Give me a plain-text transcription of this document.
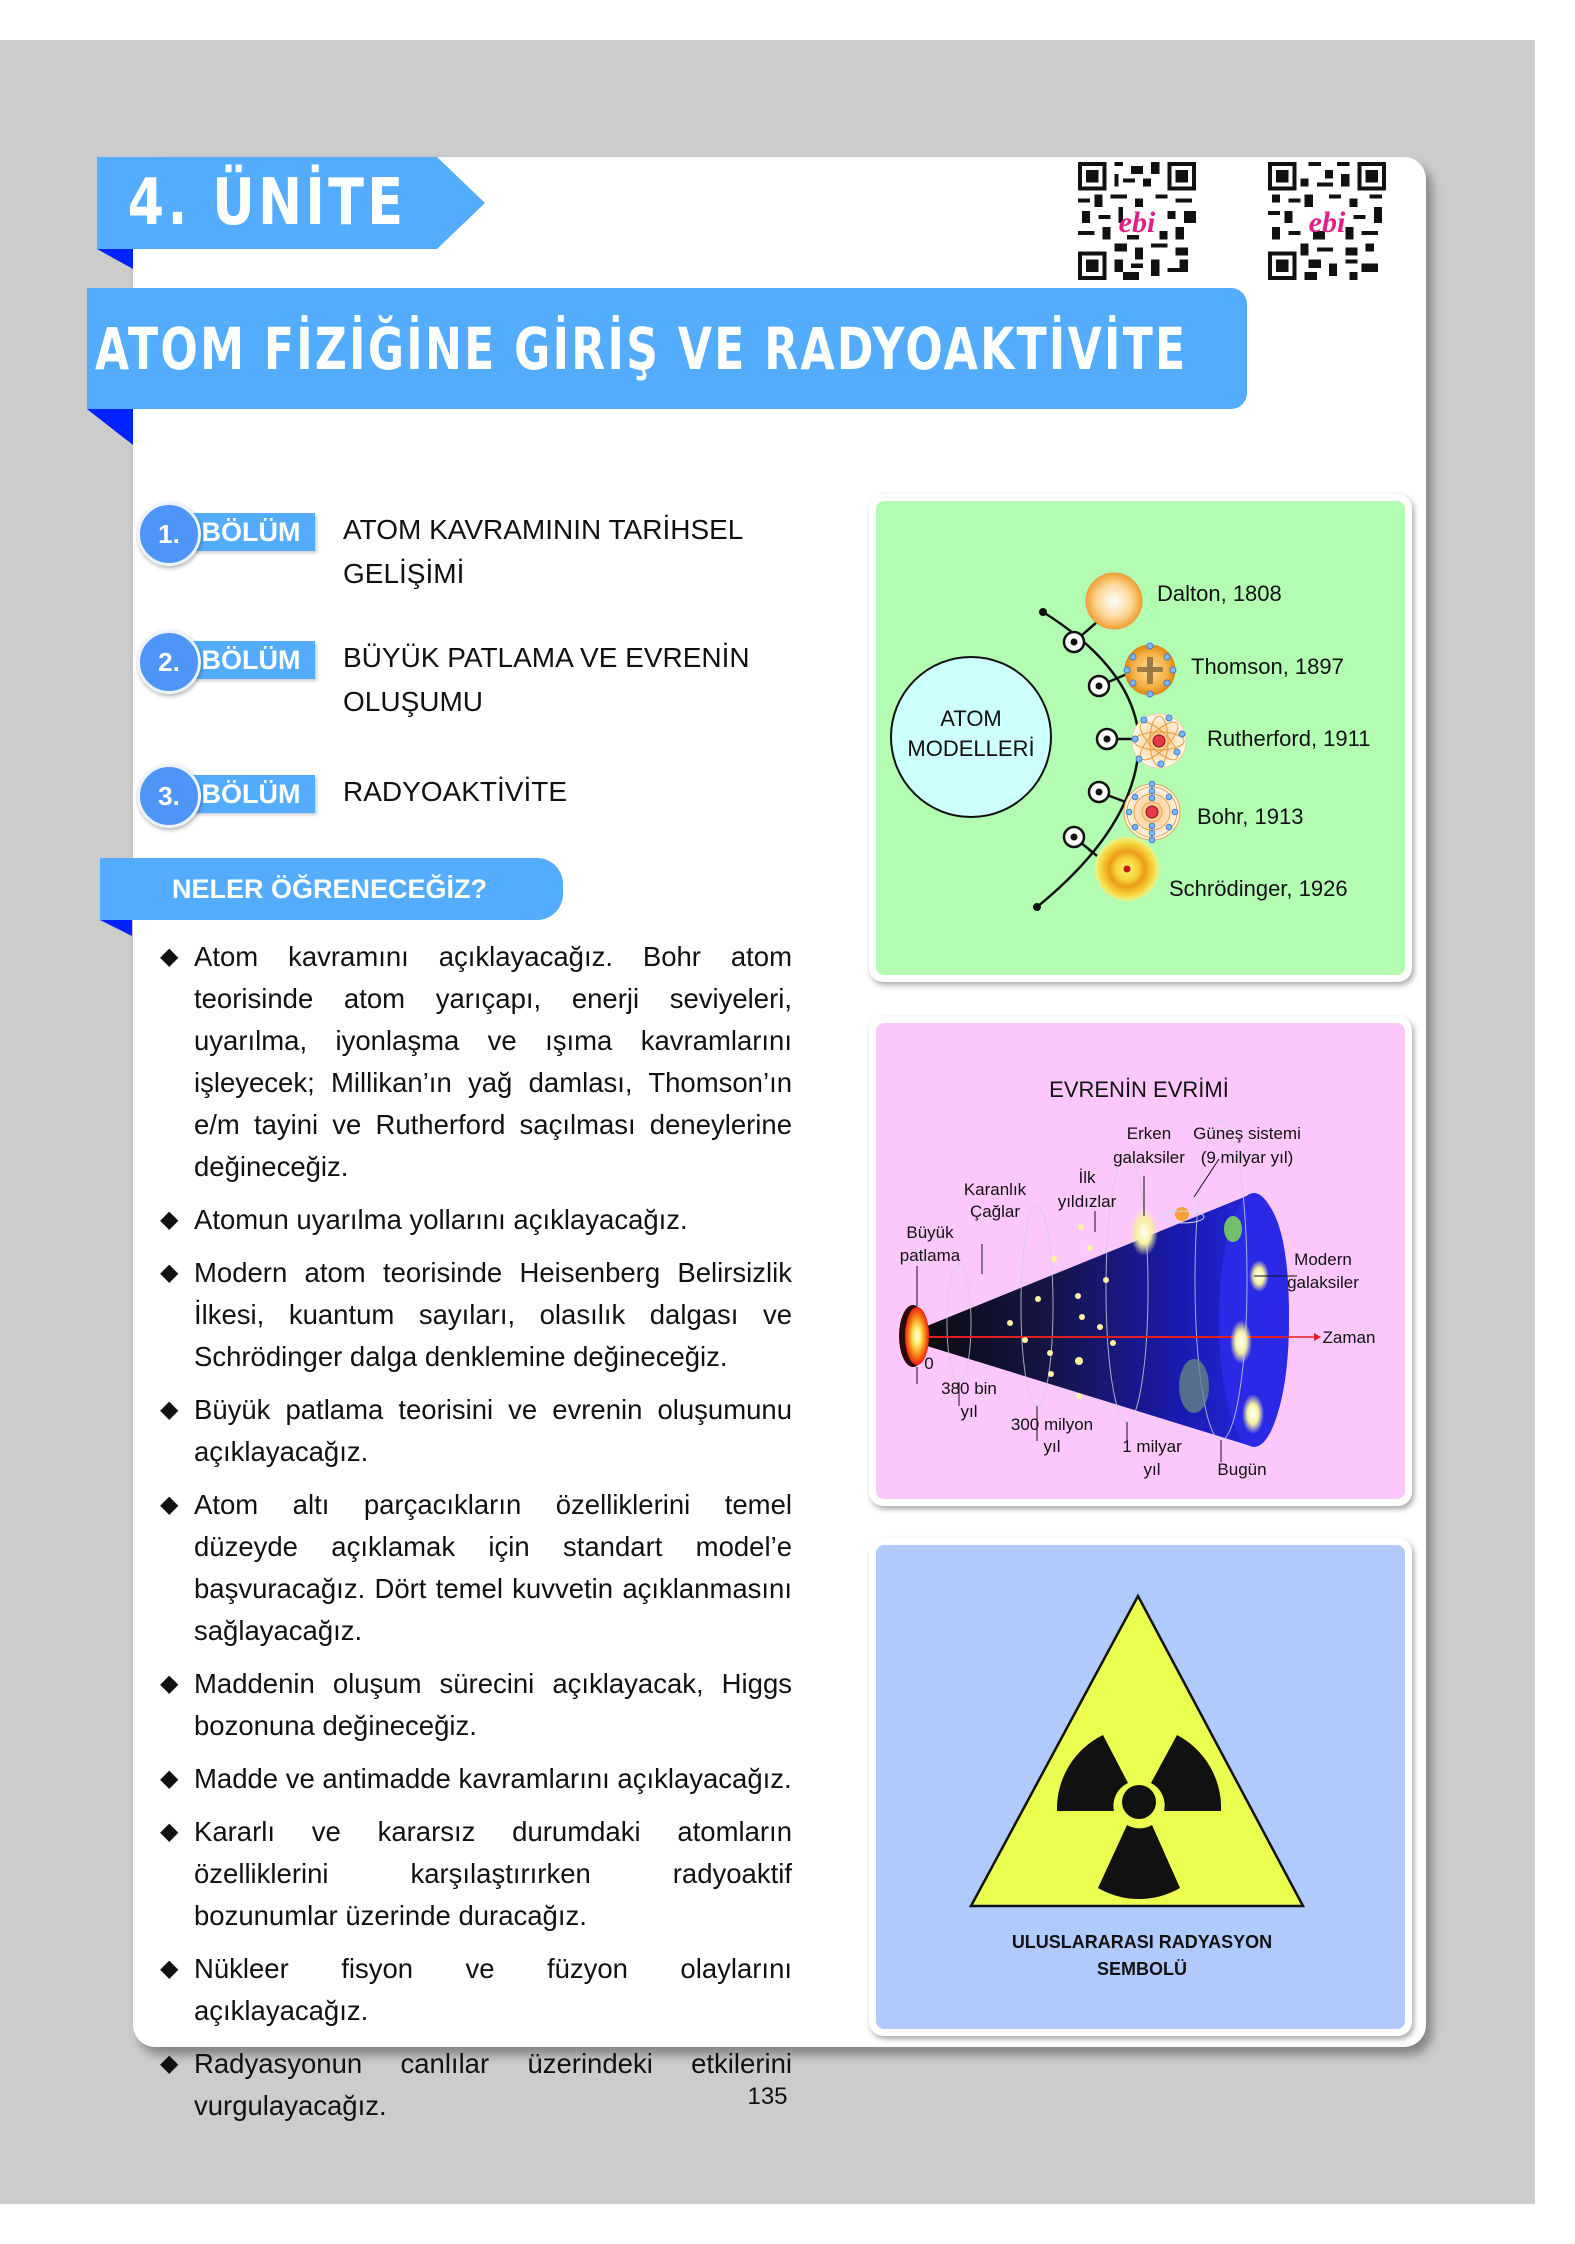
4. ÜNİTE	ebi	ebi
ATOM FİZİĞİNE GİRİŞ VE RADYOAKTİVİTE
1. BÖLÜM	ATOM KAVRAMININ TARİHSEL GELİŞİMİ
2. BÖLÜM	BÜYÜK PATLAMA VE EVRENİN OLUŞUMU
3. BÖLÜM	RADYOAKTİVİTE
NELER ÖĞRENECEĞİZ?
◆ Atom kavramını açıklayacağız. Bohr atom teorisinde atom yarıçapı, enerji seviyeleri, uyarılma, iyonlaşma ve ışıma kavramlarını işleyecek; Millikan’ın yağ damlası, Thomson’ın e/m tayini ve Rutherford saçılması deneylerine değineceğiz.
◆ Atomun uyarılma yollarını açıklayacağız.
◆ Modern atom teorisinde Heisenberg Belirsizlik İlkesi, kuantum sayıları, olasılık dalgası ve Schrödinger dalga denklemine değineceğiz.
◆ Büyük patlama teorisini ve evrenin oluşumunu açıklayacağız.
◆ Atom altı parçacıkların özelliklerini temel düzeyde açıklamak için standart model’e başvuracağız. Dört temel kuvvetin açıklanmasını sağlayacağız.
◆ Maddenin oluşum sürecini açıklayacak, Higgs bozonuna değineceğiz.
◆ Madde ve antimadde kavramlarını açıklayacağız.
◆ Kararlı ve kararsız durumdaki atomların özelliklerini karşılaştırırken radyoaktif bozunumlar üzerinde duracağız.
◆ Nükleer fisyon ve füzyon olaylarını açıklayacağız.
◆ Radyasyonun canlılar üzerindeki etkilerini vurgulayacağız.
ATOM
MODELLERİ
Dalton, 1808
Thomson, 1897
Rutherford, 1911
Bohr, 1913
Schrödinger, 1926
EVRENİN EVRİMİ
Erken
galaksiler
Güneş sistemi
(9 milyar yıl)
İlk
yıldızlar
Karanlık
Çağlar
Büyük
patlama	Modern
galaksiler
Zaman
0
380 bin
yıl
300 milyon
yıl	1 milyar
yıl	Bugün
ULUSLARARASI RADYASYON
SEMBOLÜ
135
